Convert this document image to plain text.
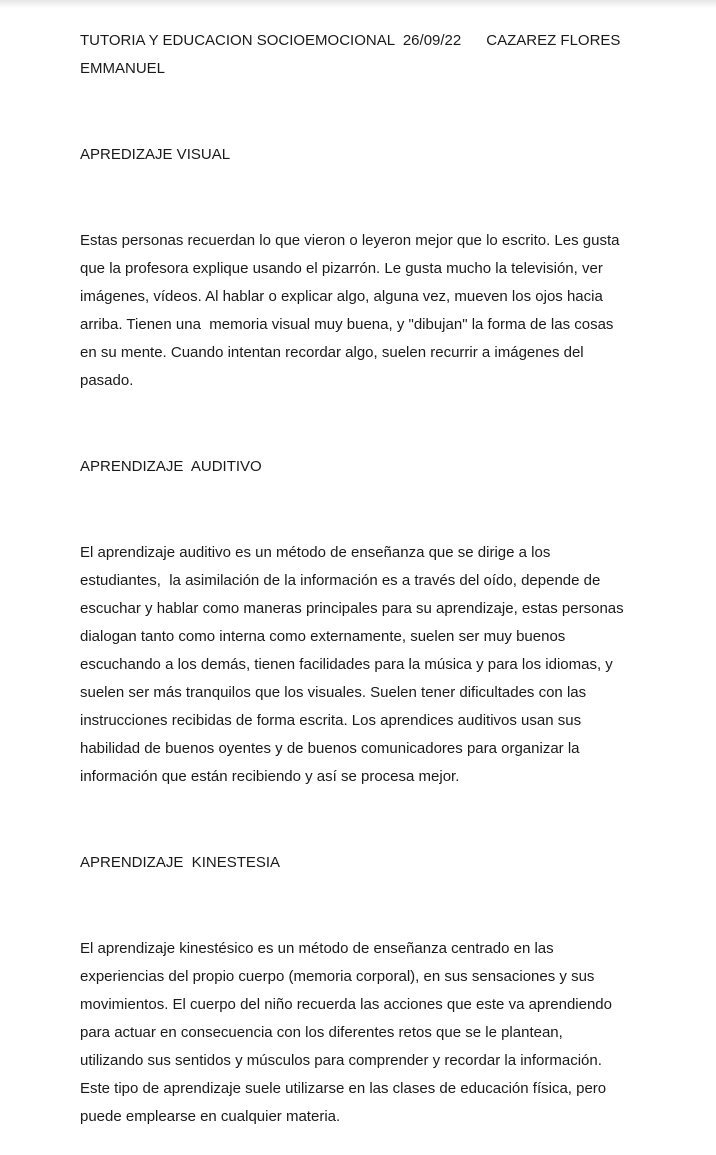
TUTORIA Y EDUCACION SOCIOEMOCIONAL  26/09/22      CAZAREZ FLORES

EMMANUEL

APREDIZAJE VISUAL

Estas personas recuerdan lo que vieron o leyeron mejor que lo escrito. Les gusta
que la profesora explique usando el pizarrón. Le gusta mucho la televisión, ver
imágenes, vídeos. Al hablar o explicar algo, alguna vez, mueven los ojos hacia
arriba. Tienen una  memoria visual muy buena, y "dibujan" la forma de las cosas
en su mente. Cuando intentan recordar algo, suelen recurrir a imágenes del
pasado.

APRENDIZAJE  AUDITIVO

El aprendizaje auditivo es un método de enseñanza que se dirige a los
estudiantes,  la asimilación de la información es a través del oído, depende de
escuchar y hablar como maneras principales para su aprendizaje, estas personas
dialogan tanto como interna como externamente, suelen ser muy buenos
escuchando a los demás, tienen facilidades para la música y para los idiomas, y
suelen ser más tranquilos que los visuales. Suelen tener dificultades con las
instrucciones recibidas de forma escrita. Los aprendices auditivos usan sus
habilidad de buenos oyentes y de buenos comunicadores para organizar la
información que están recibiendo y así se procesa mejor.

APRENDIZAJE  KINESTESIA

El aprendizaje kinestésico es un método de enseñanza centrado en las
experiencias del propio cuerpo (memoria corporal), en sus sensaciones y sus
movimientos. El cuerpo del niño recuerda las acciones que este va aprendiendo
para actuar en consecuencia con los diferentes retos que se le plantean,
utilizando sus sentidos y músculos para comprender y recordar la información.
Este tipo de aprendizaje suele utilizarse en las clases de educación física, pero
puede emplearse en cualquier materia.
